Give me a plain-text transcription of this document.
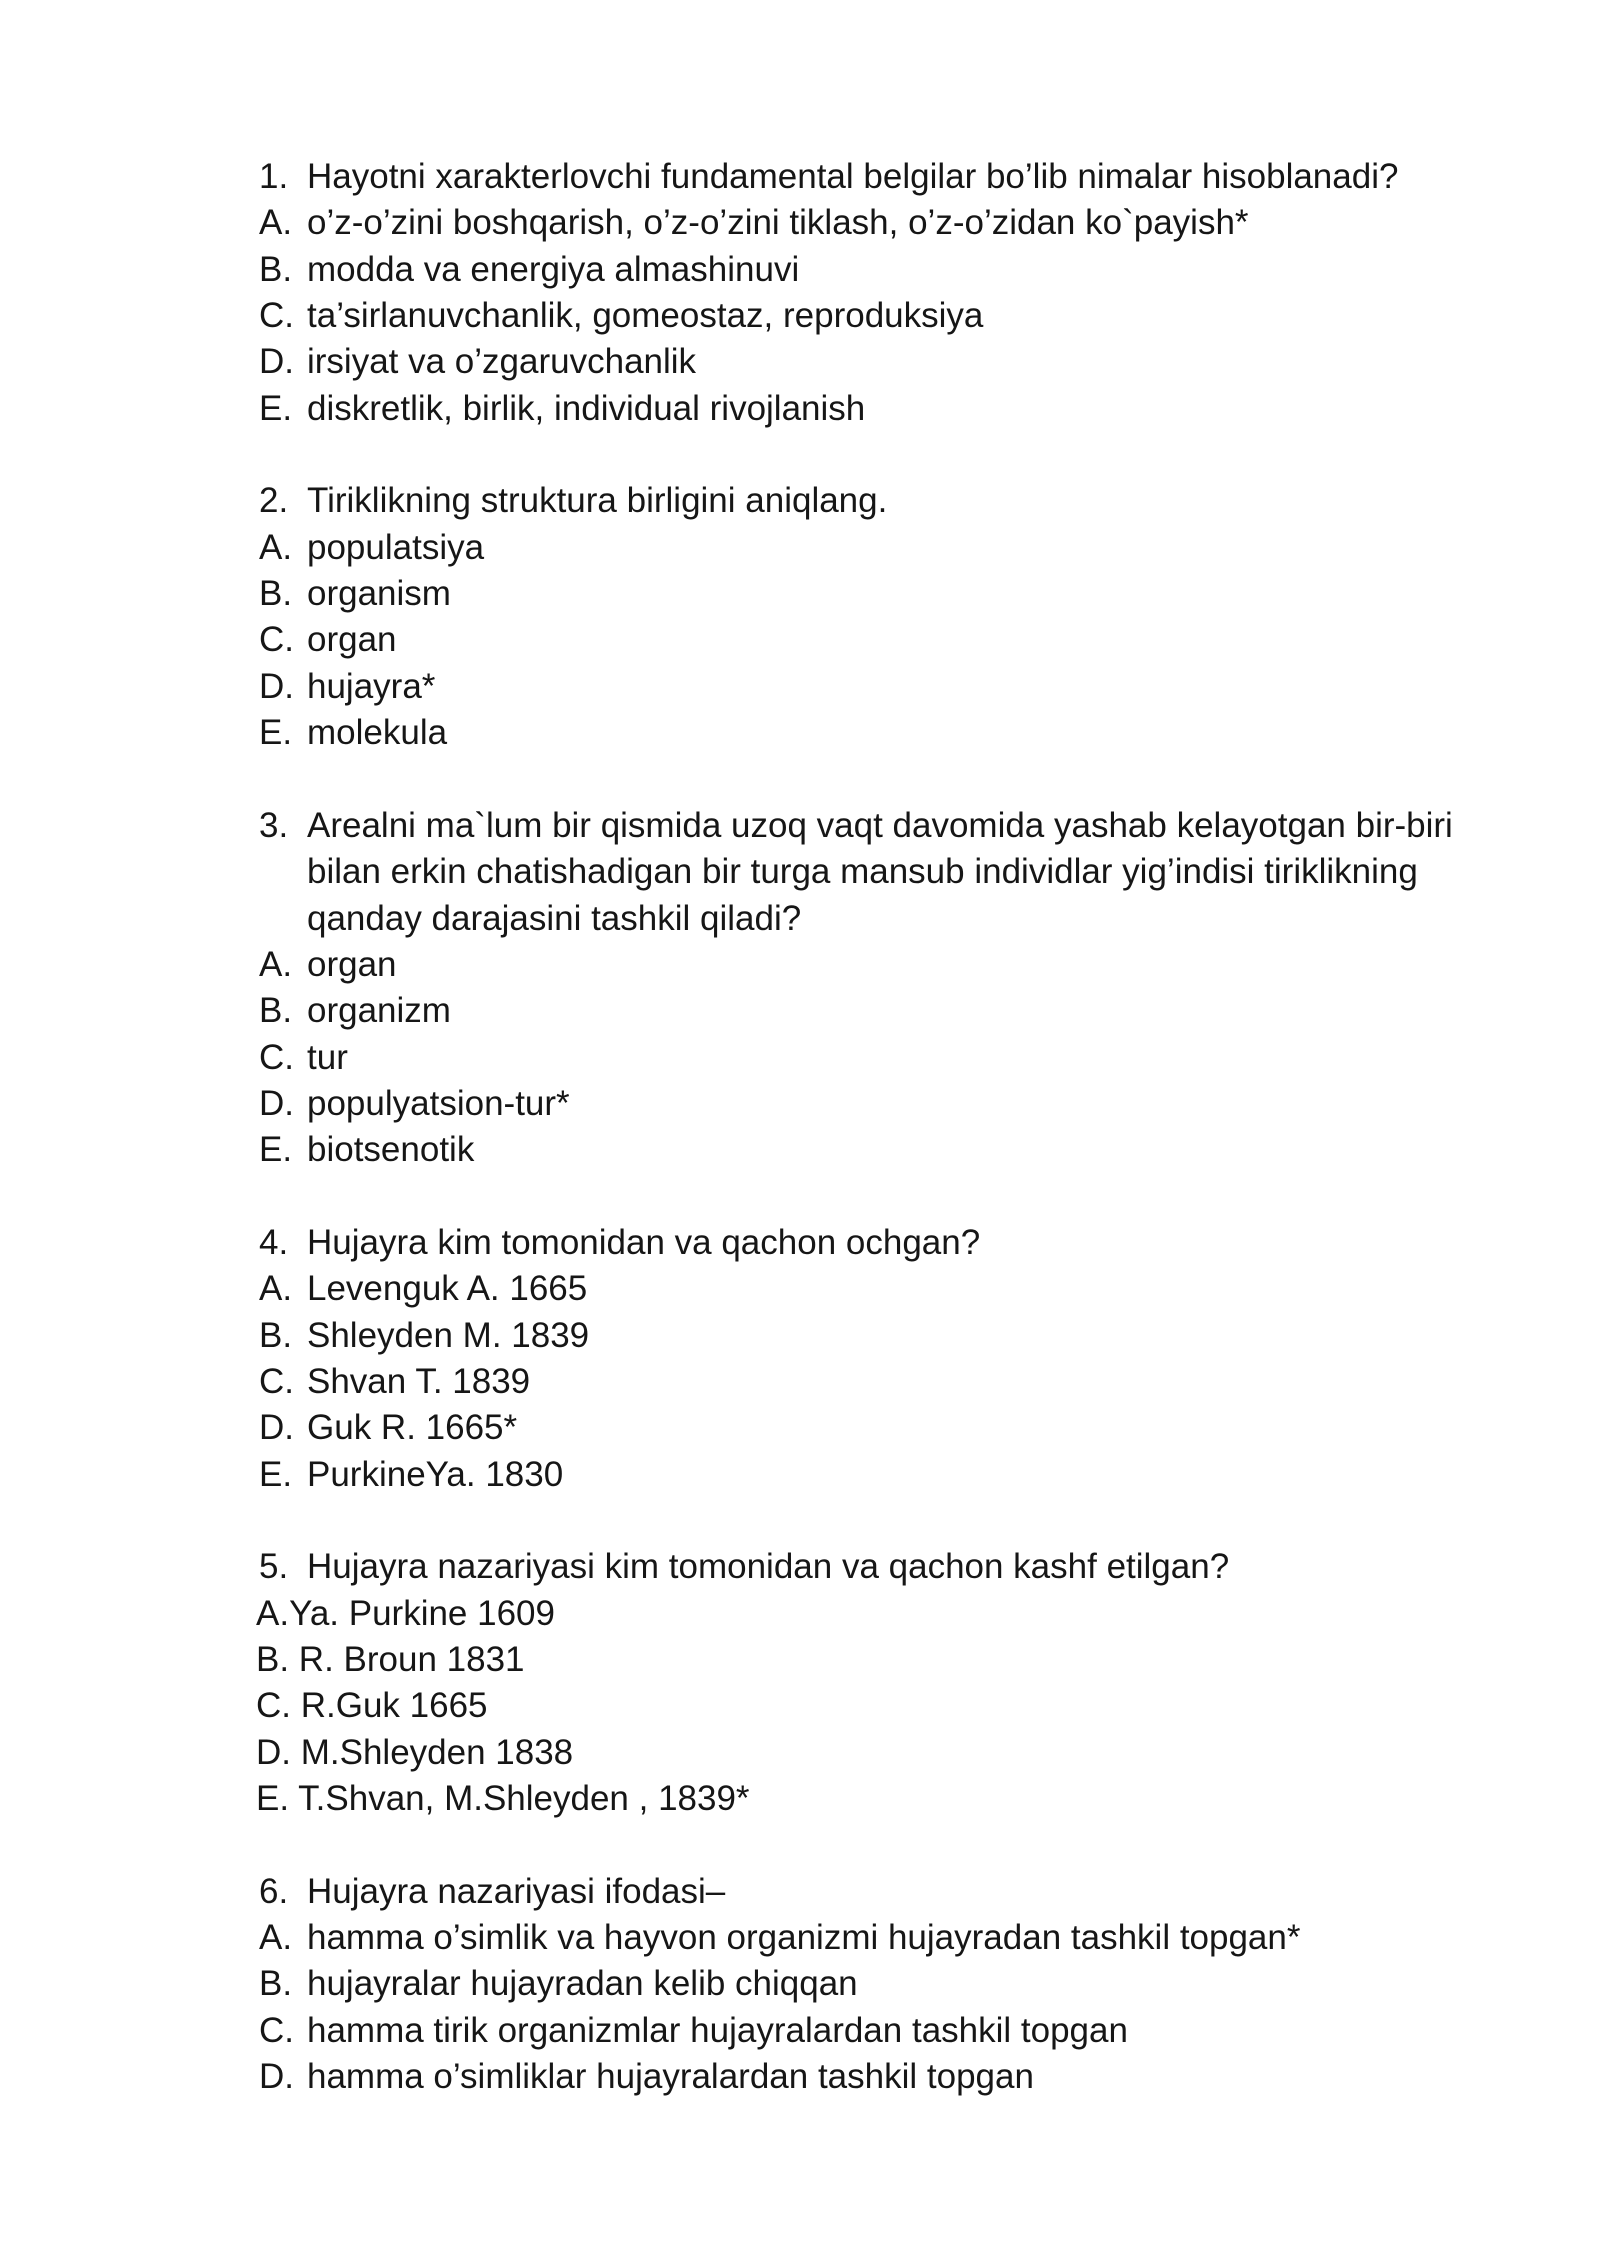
1. Hayotni xarakterlovchi fundamental belgilar bo’lib nimalar hisoblanadi?
A. o’z-o’zini boshqarish, o’z-o’zini tiklash, o’z-o’zidan ko`payish*
B. modda va energiya almashinuvi
C. ta’sirlanuvchanlik, gomeostaz, reproduksiya
D. irsiyat va o’zgaruvchanlik
E. diskretlik, birlik, individual rivojlanish
2. Tiriklikning struktura birligini aniqlang.
A. populatsiya
B. organism
C. organ
D. hujayra*
E. molekula
3. Arealni ma`lum bir qismida uzoq vaqt davomida yashab kelayotgan bir-biri
bilan erkin chatishadigan bir turga mansub individlar yig’indisi tiriklikning
qanday darajasini tashkil qiladi?
A. organ
B. organizm
C. tur
D. populyatsion-tur*
E. biotsenotik
4. Hujayra kim tomonidan va qachon ochgan?
A. Levenguk A. 1665
B. Shleyden M. 1839
C. Shvan T. 1839
D. Guk R. 1665*
E. PurkineYa. 1830
5. Hujayra nazariyasi kim tomonidan va qachon kashf etilgan?
A.Ya. Purkine 1609
B. R. Broun 1831
C. R.Guk 1665
D. M.Shleyden 1838
E. T.Shvan, M.Shleyden , 1839*
6. Hujayra nazariyasi ifodasi–
A. hamma o’simlik va hayvon organizmi hujayradan tashkil topgan*
B. hujayralar hujayradan kelib chiqqan
C. hamma tirik organizmlar hujayralardan tashkil topgan
D. hamma o’simliklar hujayralardan tashkil topgan
